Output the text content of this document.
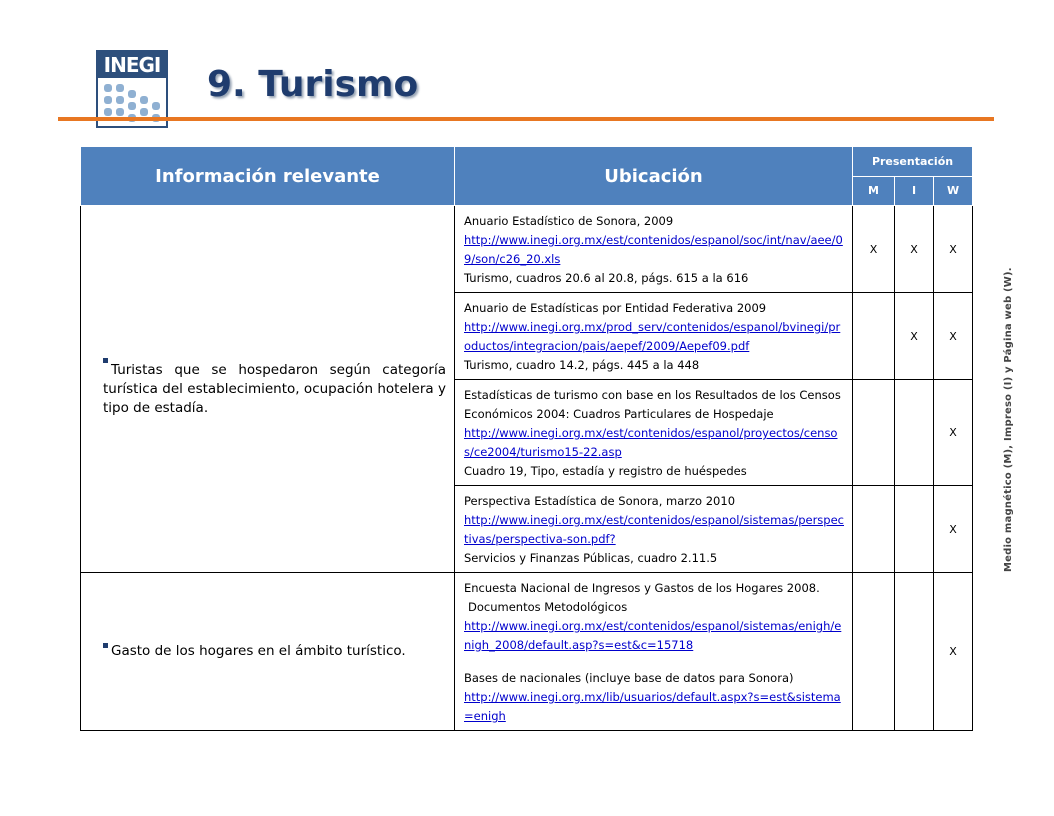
INEGI 9. Turismo
Información relevante	Ubicación	Presentación		
		M	I	W

Turistas que se hospedaron según categoría turística del establecimiento, ocupación hotelera y tipo de estadía.	Anuario Estadístico de Sonora, 2009
http://www.inegi.org.mx/est/contenidos/espanol/soc/int/nav/aee/09/son/c26_20.xls
Turismo, cuadros 20.6 al 20.8, págs. 615 a la 616	X	X	X

	Anuario de Estadísticas por Entidad Federativa 2009
http://www.inegi.org.mx/prod_serv/contenidos/espanol/bvinegi/productos/integracion/pais/aepef/2009/Aepef09.pdf
Turismo, cuadro 14.2, págs. 445 a la 448		X	X

	Estadísticas de turismo con base en los Resultados de los Censos Económicos 2004: Cuadros Particulares de Hospedaje
http://www.inegi.org.mx/est/contenidos/espanol/proyectos/censos/ce2004/turismo15-22.asp
Cuadro 19, Tipo, estadía y registro de huéspedes			X

	Perspectiva Estadística de Sonora, marzo 2010
http://www.inegi.org.mx/est/contenidos/espanol/sistemas/perspectivas/perspectiva-son.pdf?
Servicios y Finanzas Públicas, cuadro 2.11.5			X

Gasto de los hogares en el ámbito turístico.	Encuesta Nacional de Ingresos y Gastos de los Hogares 2008.
Documentos Metodológicos
http://www.inegi.org.mx/est/contenidos/espanol/sistemas/enigh/enigh_2008/default.asp?s=est&c=15718
Bases de nacionales (incluye base de datos para Sonora)
http://www.inegi.org.mx/lib/usuarios/default.aspx?s=est&sistema=enigh			X
Medio magnético (M), Impreso (I) y Página web (W).
